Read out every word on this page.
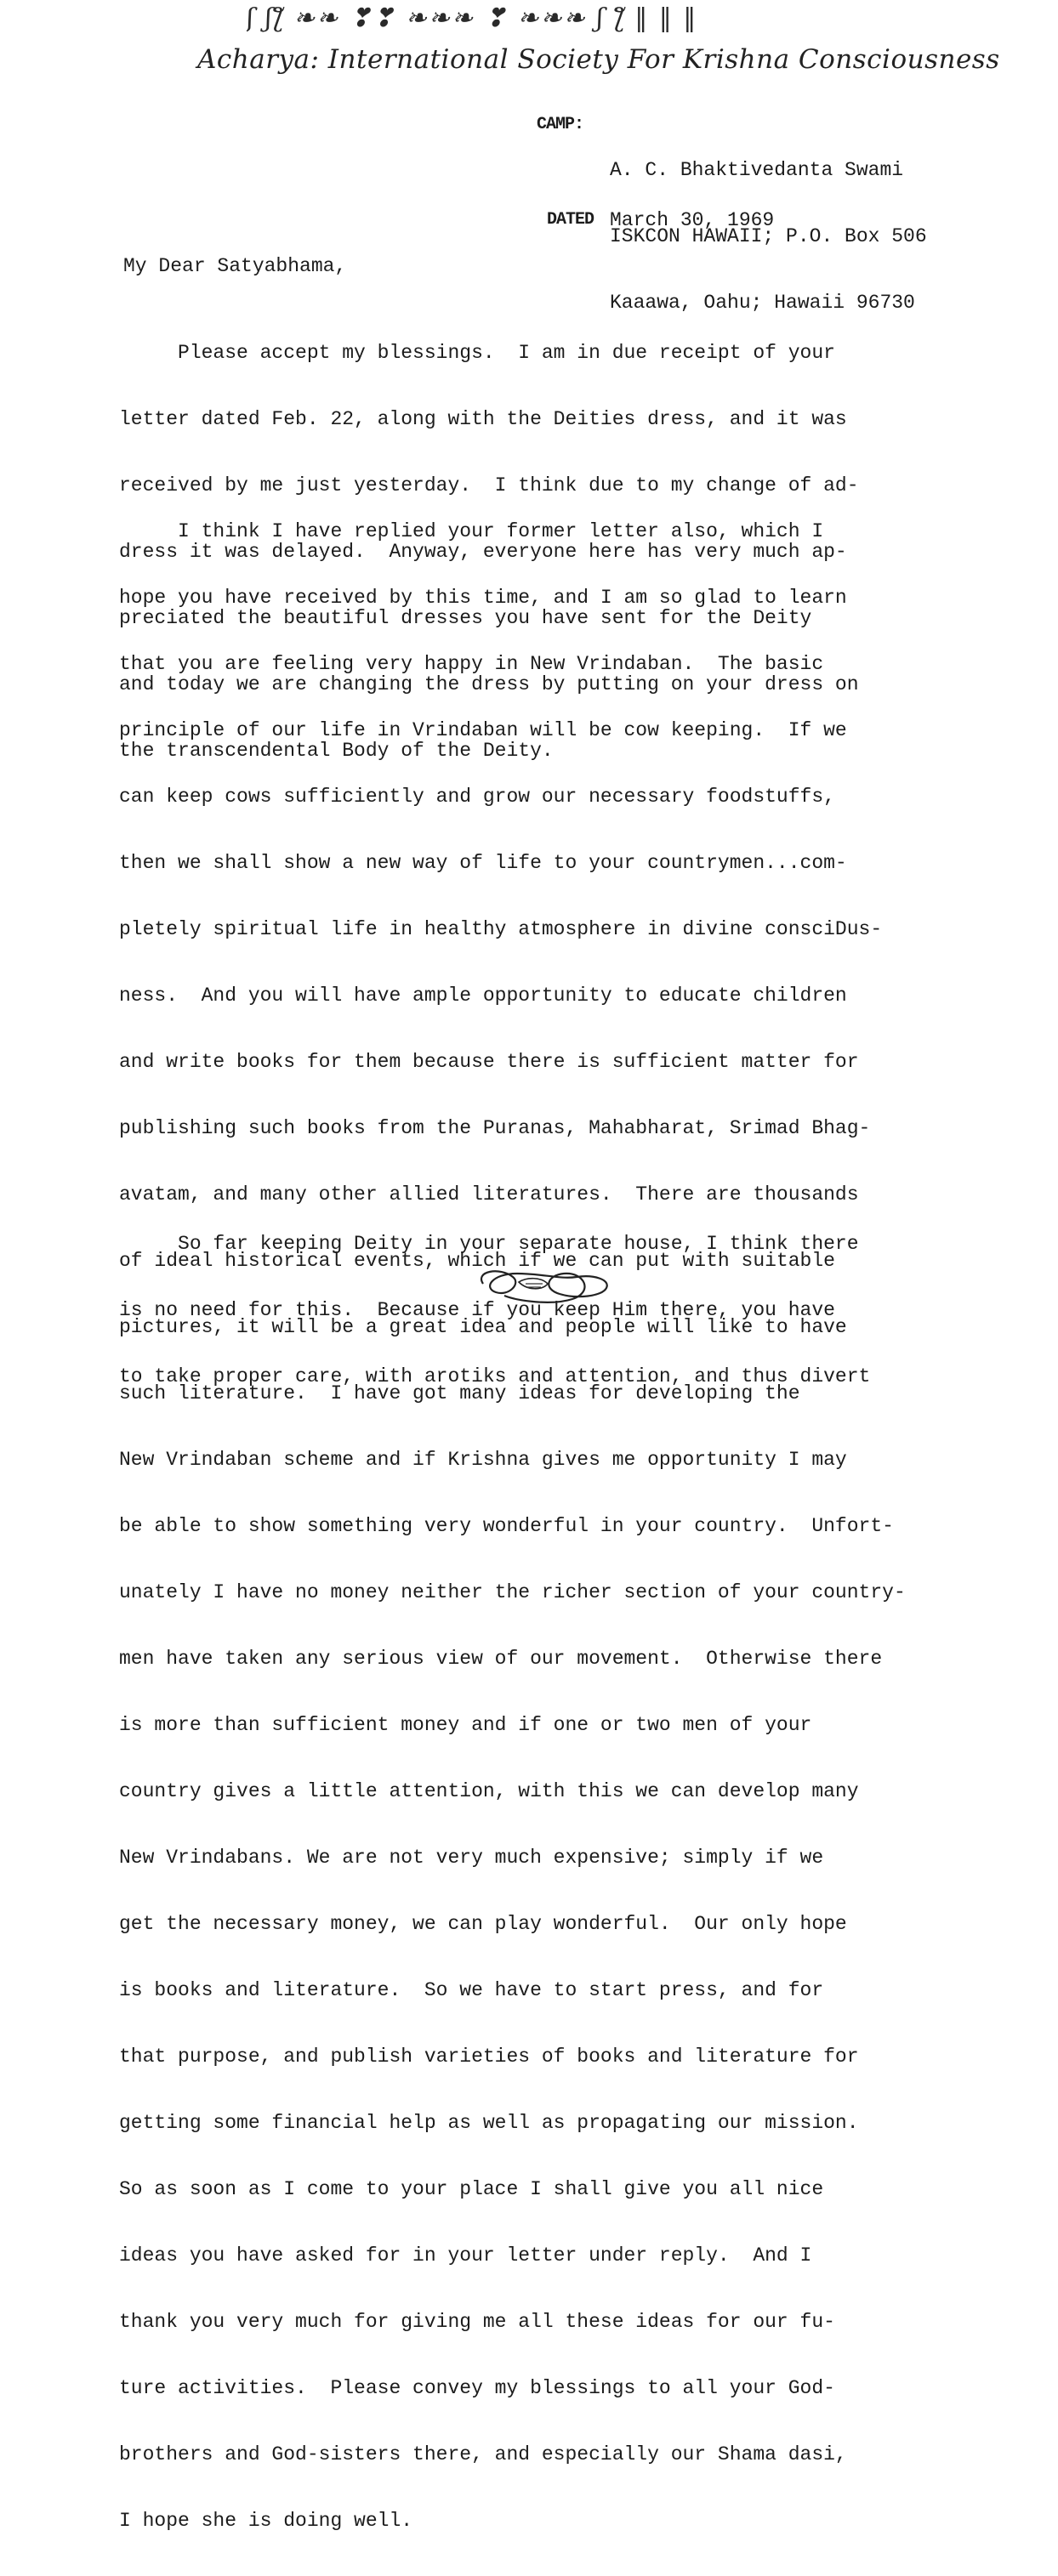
ʃ ʃƪ ❧❧ ❣❣ ❧❧❧ ❣ ❧❧❧ ʃ ƪ ‖ ‖ ‖
Acharya: International Society For Krishna Consciousness
CAMP:

A. C. Bhaktivedanta Swami

ISKCON HAWAII; P.O. Box 506

Kaaawa, Oahu; Hawaii 96730

DATED March 30, 1969
My Dear Satyabhama,

Please accept my blessings.  I am in due receipt of your

letter dated Feb. 22, along with the Deities dress, and it was

received by me just yesterday.  I think due to my change of ad-

dress it was delayed.  Anyway, everyone here has very much ap-

preciated the beautiful dresses you have sent for the Deity

and today we are changing the dress by putting on your dress on

the transcendental Body of the Deity.

I think I have replied your former letter also, which I

hope you have received by this time, and I am so glad to learn

that you are feeling very happy in New Vrindaban.  The basic

principle of our life in Vrindaban will be cow keeping.  If we

can keep cows sufficiently and grow our necessary foodstuffs,

then we shall show a new way of life to your countrymen...com-

pletely spiritual life in healthy atmosphere in divine consciDus-

ness.  And you will have ample opportunity to educate children

and write books for them because there is sufficient matter for

publishing such books from the Puranas, Mahabharat, Srimad Bhag-

avatam, and many other allied literatures.  There are thousands

of ideal historical events, which if we can put with suitable

pictures, it will be a great idea and people will like to have

such literature.  I have got many ideas for developing the

New Vrindaban scheme and if Krishna gives me opportunity I may

be able to show something very wonderful in your country.  Unfort-

unately I have no money neither the richer section of your country-

men have taken any serious view of our movement.  Otherwise there

is more than sufficient money and if one or two men of your

country gives a little attention, with this we can develop many

New Vrindabans. We are not very much expensive; simply if we

get the necessary money, we can play wonderful.  Our only hope

is books and literature.  So we have to start press, and for

that purpose, and publish varieties of books and literature for

getting some financial help as well as propagating our mission.

So as soon as I come to your place I shall give you all nice

ideas you have asked for in your letter under reply.  And I

thank you very much for giving me all these ideas for our fu-

ture activities.  Please convey my blessings to all your God-

brothers and God-sisters there, and especially our Shama dasi,

I hope she is doing well.

So far keeping Deity in your separate house, I think there

is no need for this.  Because if you keep Him there, you have

to take proper care, with arotiks and attention, and thus divert
